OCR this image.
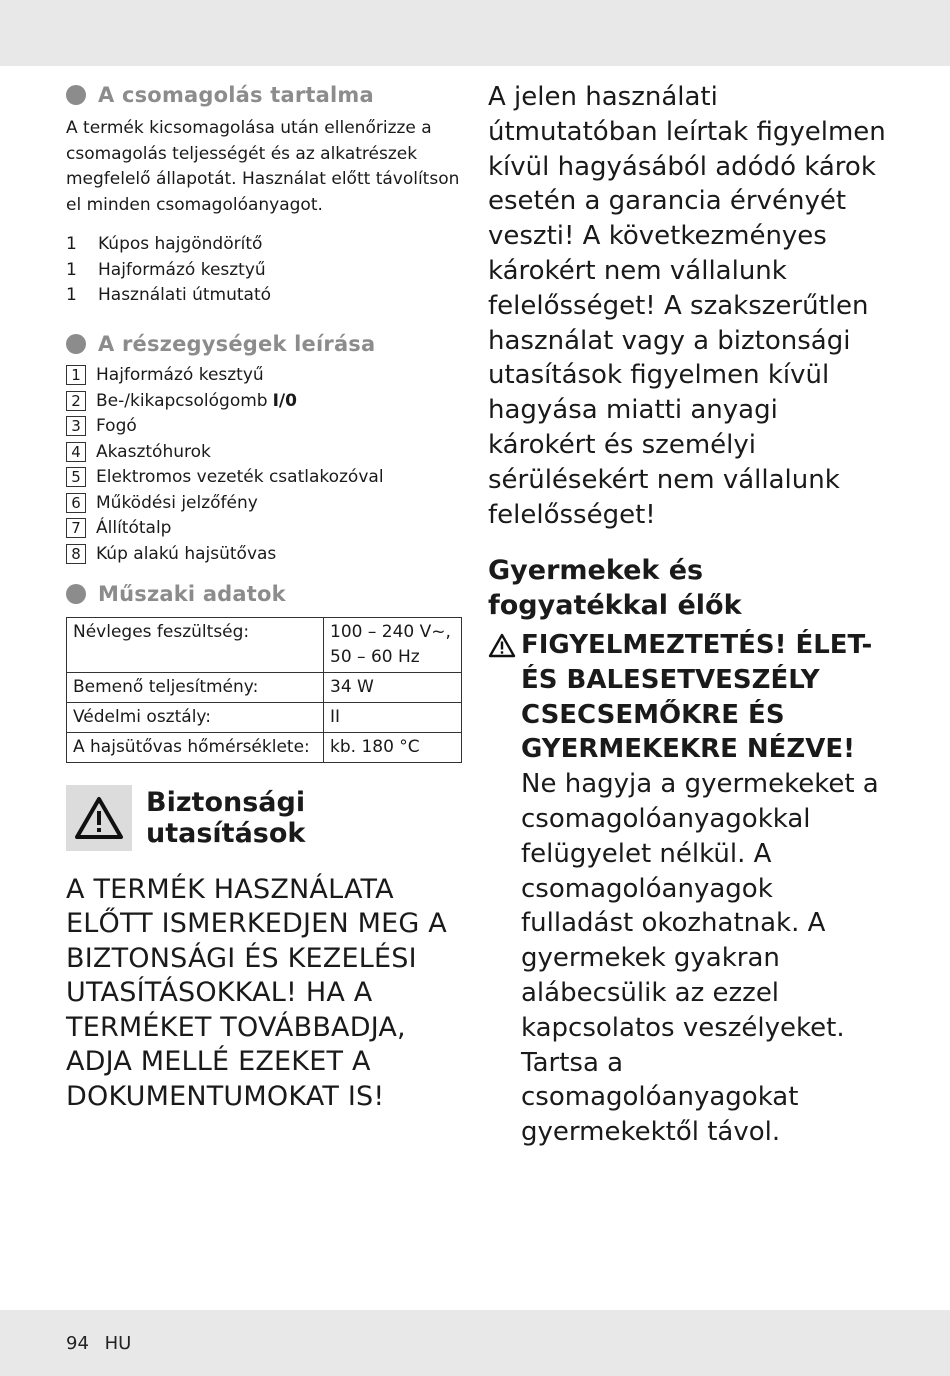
A csomagolás tartalma

A termék kicsomagolása után ellenőrizze a csomagolás teljességét és az alkatrészek megfelelő állapotát. Használat előtt távolítson el minden csomagolóanyagot.

1	Kúpos hajgöndörítő
1	Hajformázó kesztyű
1	Használati útmutató
A részegységek leírása
1 Hajformázó kesztyű
2 Be-/kikapcsológomb I/0
3 Fogó
4 Akasztóhurok
5 Elektromos vezeték csatlakozóval
6 Működési jelzőfény
7 Állítótalp
8 Kúp alakú hajsütővas
Műszaki adatok
Névleges feszültség:	100 – 240 V~,
50 – 60 Hz

Bemenő teljesítmény:	34 W
Védelmi osztály:	II
A hajsütővas hőmérséklete:	kb. 180 °C
Biztonsági utasítások
A TERMÉK HASZNÁLATA ELŐTT ISMERKEDJEN MEG A BIZTONSÁGI ÉS KEZELÉSI UTASÍTÁSOKKAL! HA A TERMÉKET TOVÁBBADJA, ADJA MELLÉ EZEKET A DOKUMENTUMOKAT IS!

A jelen használati útmutatóban leírtak figyelmen kívül hagyásából adódó károk esetén a garancia érvényét veszti! A következményes károkért nem vállalunk felelősséget! A szakszerűtlen használat vagy a biztonsági utasítások figyelmen kívül hagyása miatti anyagi károkért és személyi sérülésekért nem vállalunk felelősséget!

Gyermekek és fogyatékkal élők
FIGYELMEZTETÉS! ÉLET- ÉS BALESETVESZÉLY CSECSEMŐKRE ÉS GYERMEKEKRE NÉZVE!
Ne hagyja a gyermekeket a csomagolóanyagokkal felügyelet nélkül. A csomagolóanyagok fulladást okozhatnak. A gyermekek gyakran alábecsülik az ezzel kapcsolatos veszélyeket. Tartsa a csomagolóanyagokat gyermekektől távol.
94 HU
